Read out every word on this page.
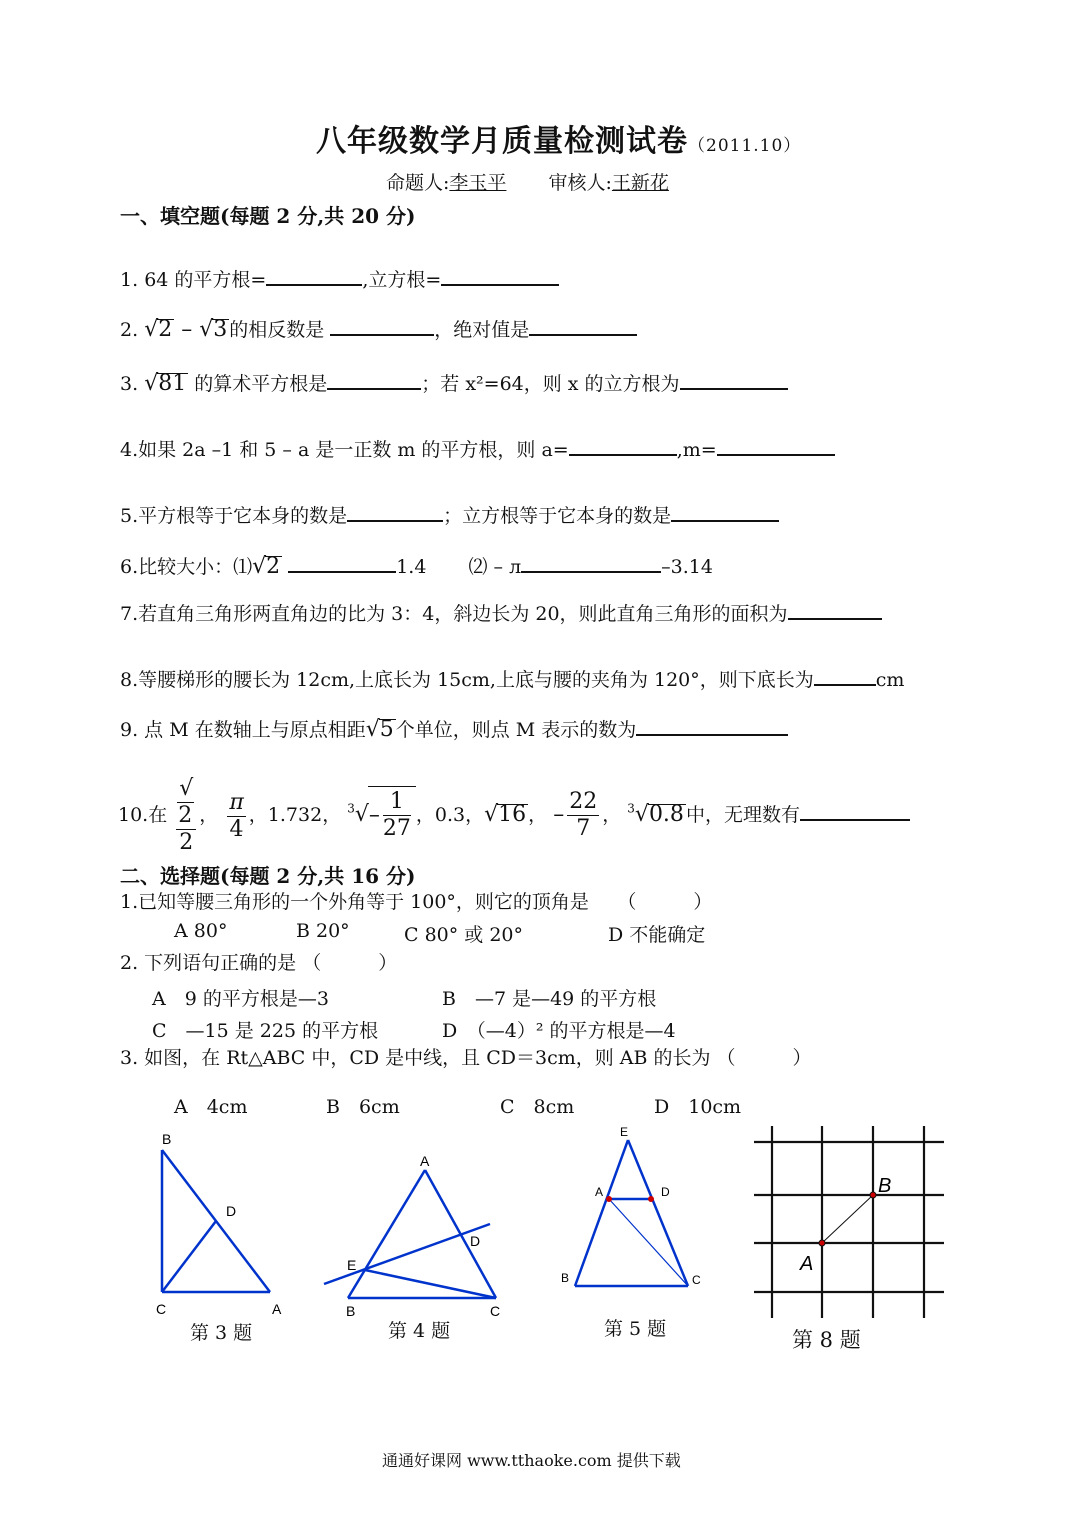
八年级数学月质量检测试卷（2011.10）
命题人:李玉平 审核人:王新花
一、填空题(每题 2 分,共 20 分)
1. 64 的平方根=	,立方根=
2. √2 – √3 的相反数是	，绝对值是
3. √81 的算术平方根是	；若 x²=64，则 x 的立方根为
4.如果 2a –1 和 5 – a 是一正数 m 的平方根，则 a=	,m=
5.平方根等于它本身的数是	；立方根等于它本身的数是
6.比较大小：⑴√2	1.4 ⑵ – л	–3.14
7.若直角三角形两直角边的比为 3：4，斜边长为 20，则此直角三角形的面积为
8.等腰梯形的腰长为 12cm,上底长为 15cm,上底与腰的夹角为 120°，则下底长为	cm
9. 点 M 在数轴上与原点相距√5 个单位，则点 M 表示的数为
10.在 √
2
2 ， $\frac{\pi}{4}$ ，1.732， $^3√- \frac{1}{27}$ ，0.3，√16 ， – $\frac{22}{7}$ ， $^3$√0.8 中，无理数有
二、选择题(每题 2 分,共 16 分)
1.已知等腰三角形的一个外角等于 100°，则它的顶角是　　（　　　）
A 80°	B 20°	C 80° 或 20°	D 不能确定
2. 下列语句正确的是 （　　　）
A　9 的平方根是—3	B　—7 是—49 的平方根
C　—15 是 225 的平方根	D　（—4）² 的平方根是—4
3. 如图，在 Rt△ABC 中，CD 是中线，且 CD＝3cm，则 AB 的长为 （　　　）
A　4cm	B　6cm	C　8cm	D　10cm
B
D
C	A
A
D
E
B	C
E
A	D
B	C
A
B
第 3 题	第 4 题	第 5 题	第 8 题
通通好课网 www.tthaoke.com 提供下载
